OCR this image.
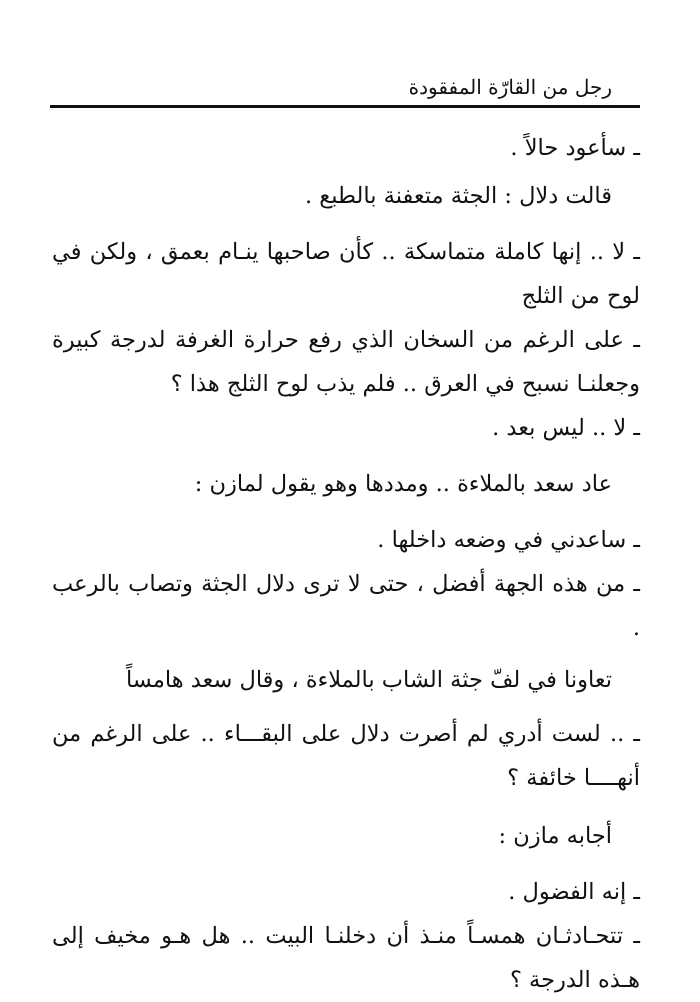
رجل من القارّة المفقودة

ـ سأعود حالاً .

قالت دلال : الجثة متعفنة بالطبع .

ـ لا .. إنها كاملة متماسكة .. كأن صاحبها ينـام بعمق ، ولكن في لوح من الثلج

ـ على الرغم من السخان الذي رفع حرارة الغرفة لدرجة كبيرة وجعلنـا نسبح في العرق .. فلم يذب لوح الثلج هذا ؟

ـ لا .. ليس بعد .

عاد سعد بالملاءة .. ومددها وهو يقول لمازن :

ـ ساعدني في وضعه داخلها .

ـ من هذه الجهة أفضل ، حتى لا ترى دلال الجثة وتصاب بالرعب .

تعاونا في لفّ جثة الشاب بالملاءة ، وقال سعد هامساً

ـ .. لست أدري لم أصرت دلال على البقـــاء .. على الرغم من أنهــــا خائفة ؟

أجابه مازن :

ـ إنه الفضول .

ـ تتحـادثـان همسـاً منـذ أن دخلنـا البيت .. هل هـو مخيف إلى هـذه الدرجة ؟
